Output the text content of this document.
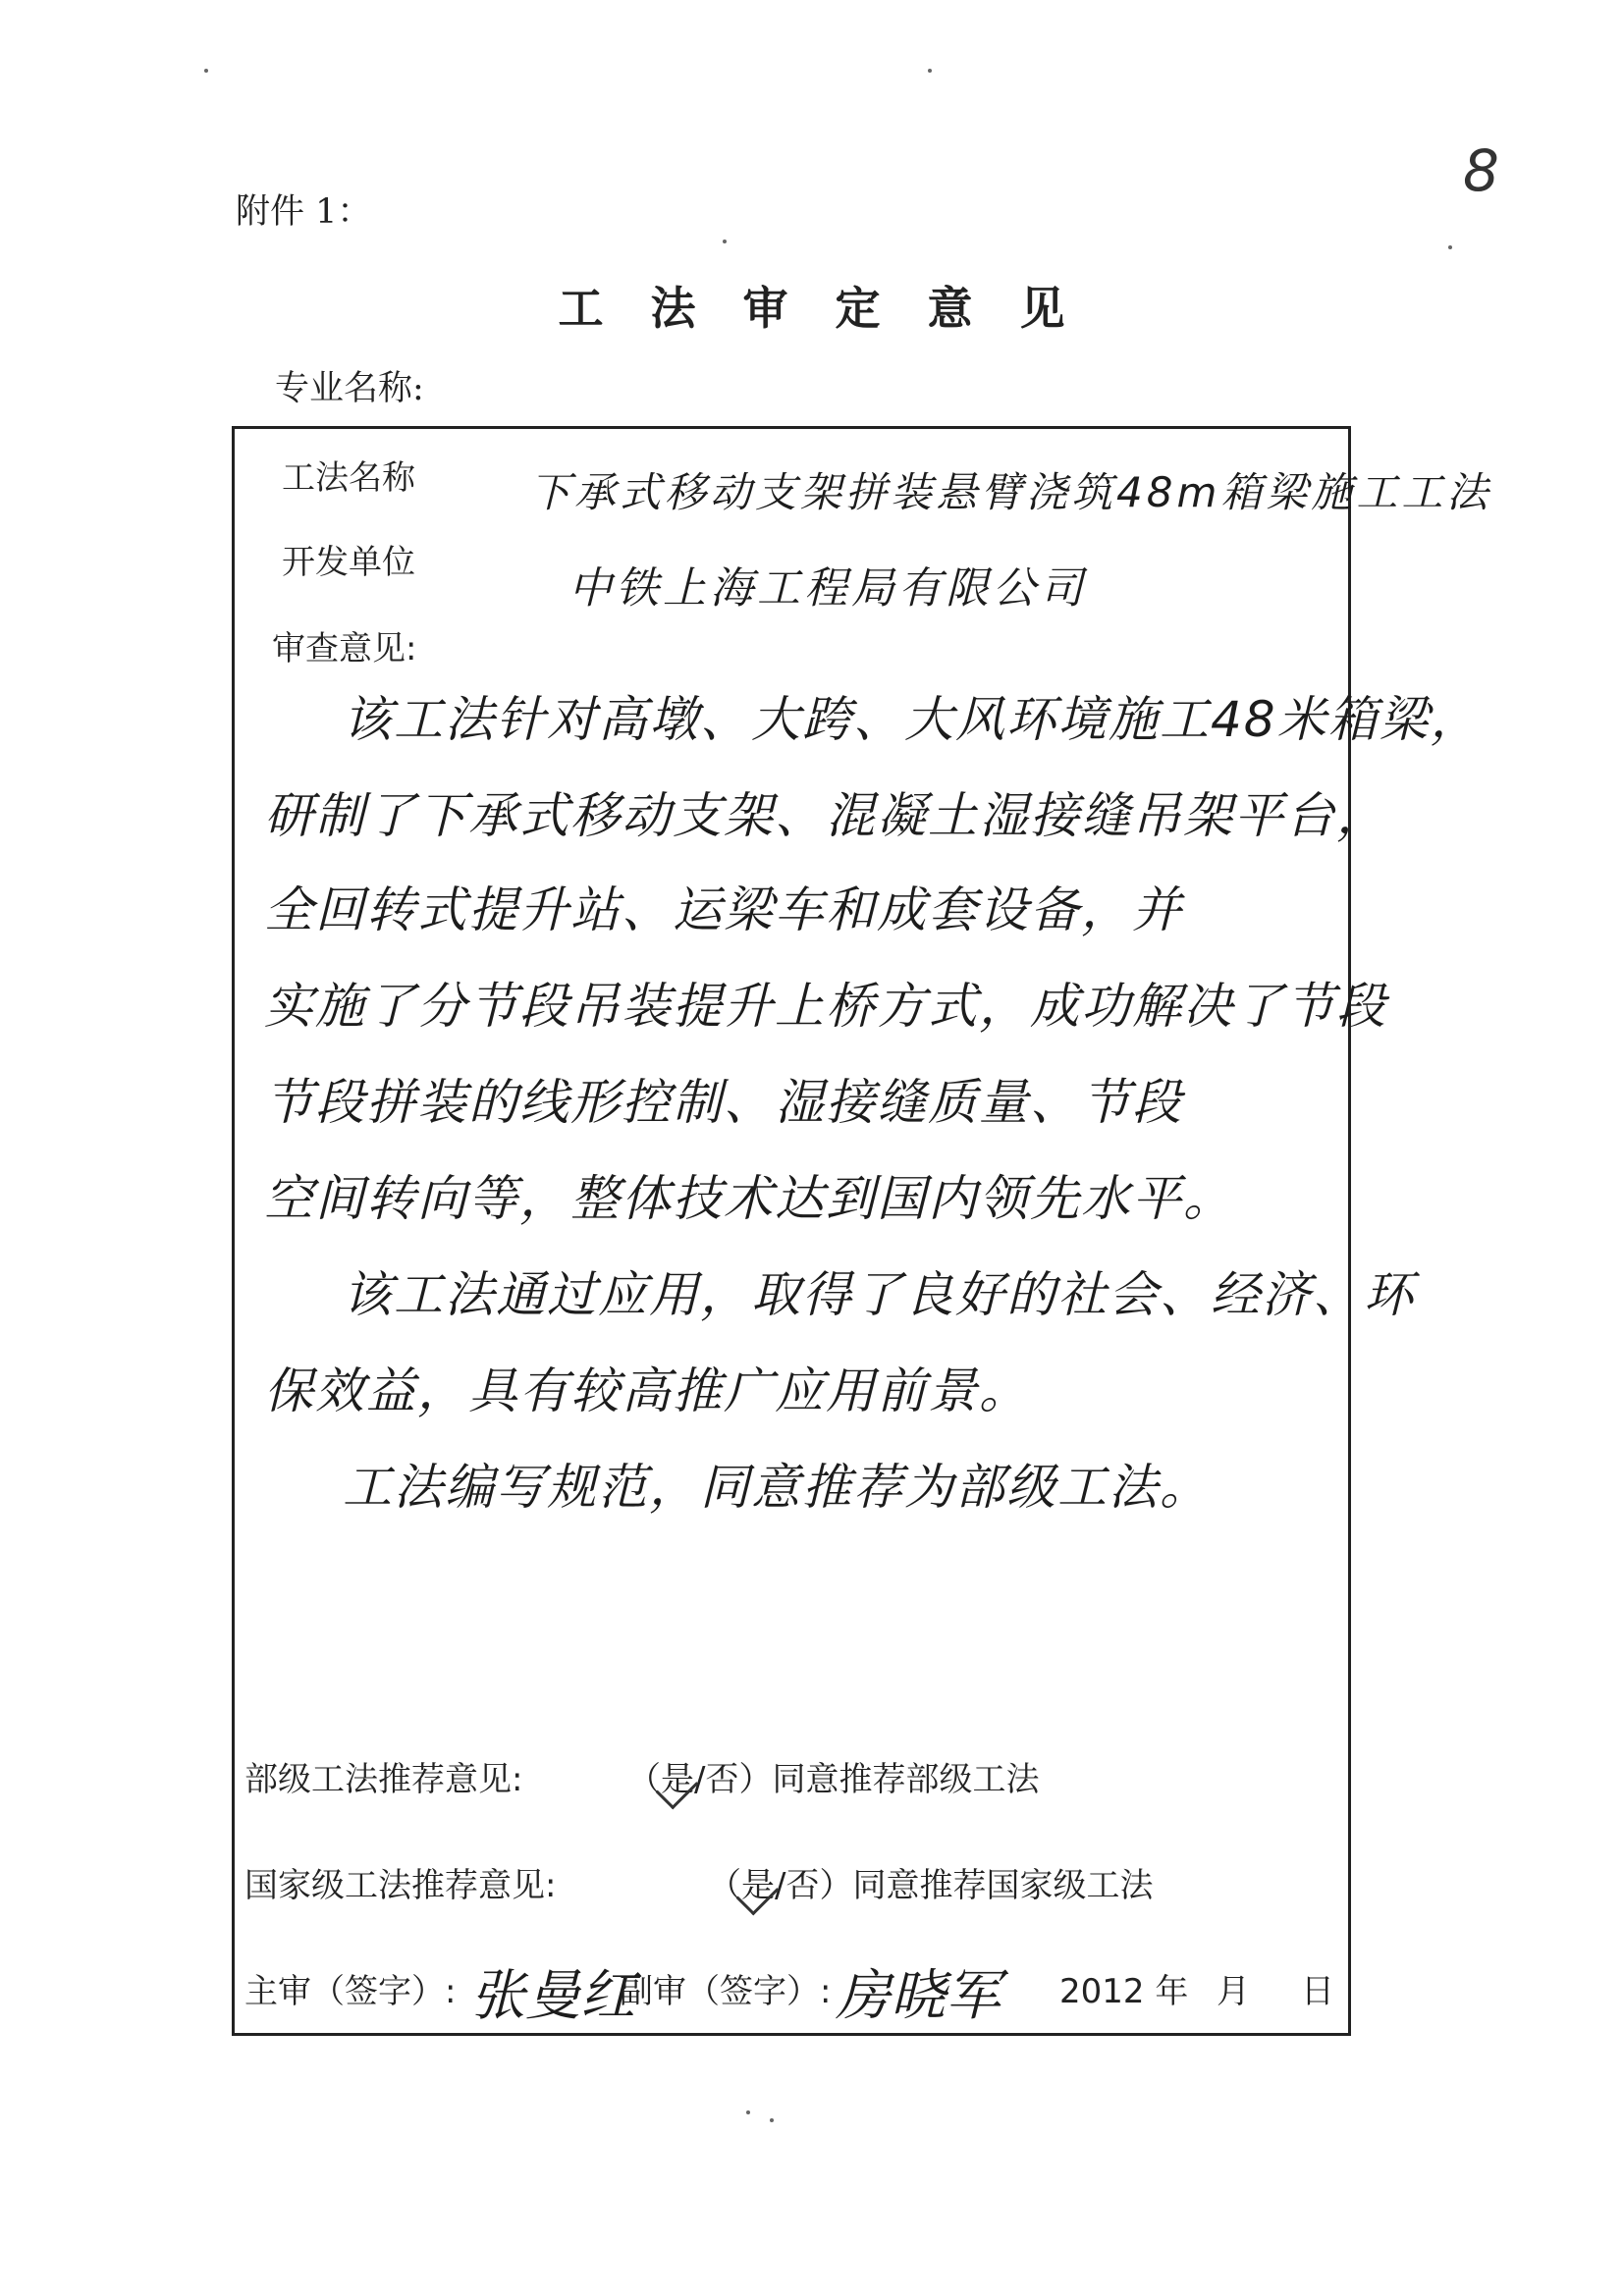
8
附件 1：
工法审定意见
专业名称:
工法名称	下承式移动支架拼装悬臂浇筑48m箱梁施工工法
开发单位
中铁上海工程局有限公司
审查意见:
该工法针对高墩、大跨、大风环境施工48米箱梁，
研制了下承式移动支架、混凝土湿接缝吊架平台，
全回转式提升站、运梁车和成套设备，并
实施了分节段吊装提升上桥方式，成功解决了节段
节段拼装的线形控制、湿接缝质量、节段
空间转向等，整体技术达到国内领先水平。
该工法通过应用，取得了良好的社会、经济、环
保效益，具有较高推广应用前景。
工法编写规范，同意推荐为部级工法。
部级工法推荐意见:	（是/否）同意推荐部级工法
国家级工法推荐意见:	（是/否）同意推荐国家级工法
主审（签字）: 张曼红
副审（签字）: 房晓军 2012 年 月 日
